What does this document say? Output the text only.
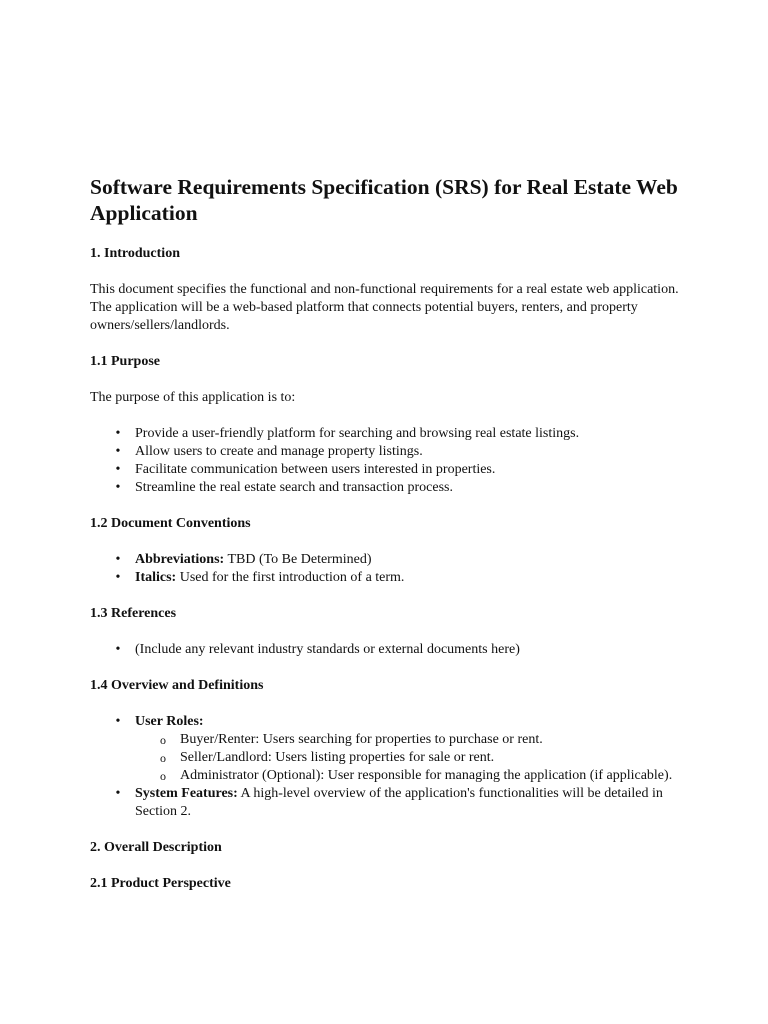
Software Requirements Specification (SRS) for Real Estate Web Application
1. Introduction

This document specifies the functional and non-functional requirements for a real estate web application. The application will be a web-based platform that connects potential buyers, renters, and property owners/sellers/landlords.

1.1 Purpose

The purpose of this application is to:

• Provide a user-friendly platform for searching and browsing real estate listings.
• Allow users to create and manage property listings.
• Facilitate communication between users interested in properties.
• Streamline the real estate search and transaction process.
1.2 Document Conventions
• Abbreviations: TBD (To Be Determined)
• Italics: Used for the first introduction of a term.
1.3 References
• (Include any relevant industry standards or external documents here)
1.4 Overview and Definitions
• User Roles:
o Buyer/Renter: Users searching for properties to purchase or rent.
o Seller/Landlord: Users listing properties for sale or rent.
o Administrator (Optional): User responsible for managing the application (if applicable).
• System Features: A high-level overview of the application's functionalities will be detailed in Section 2.
2. Overall Description
2.1 Product Perspective
